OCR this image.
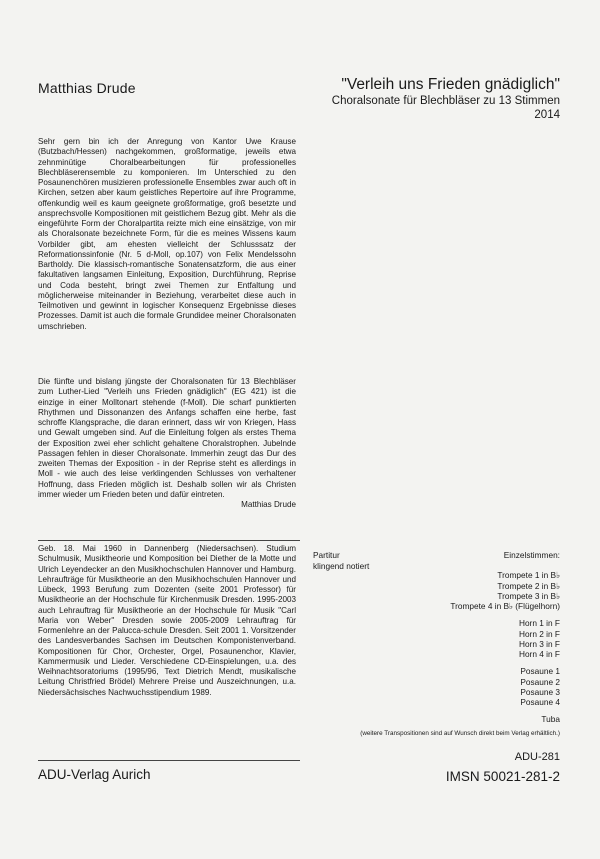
Matthias Drude	"Verleih uns Frieden gnädiglich"
Choralsonate für Blechbläser zu 13 Stimmen
2014

Sehr gern bin ich der Anregung von Kantor Uwe Krause (Butzbach/Hessen) nachgekommen, großformatige, jeweils etwa zehnminütige Choralbearbeitungen für professionelles Blechbläserensemble zu komponieren. Im Unterschied zu den Posaunenchören musizieren professionelle Ensembles zwar auch oft in Kirchen, setzen aber kaum geistliches Repertoire auf ihre Programme, offenkundig weil es kaum geeignete großformatige, groß besetzte und ansprechsvolle Kompositionen mit geistlichem Bezug gibt. Mehr als die eingeführte Form der Choralpartita reizte mich eine einsätzige, von mir als Choralsonate bezeichnete Form, für die es meines Wissens kaum Vorbilder gibt, am ehesten vielleicht der Schlusssatz der Reformationssinfonie (Nr. 5 d-Moll, op.107) von Felix Mendelssohn Bartholdy. Die klassisch-romantische Sonatensatzform, die aus einer fakultativen langsamen Einleitung, Exposition, Durchführung, Reprise und Coda besteht, bringt zwei Themen zur Entfaltung und möglicherweise miteinander in Beziehung, verarbeitet diese auch in Teilmotiven und gewinnt in logischer Konsequenz Ergebnisse dieses Prozesses. Damit ist auch die formale Grundidee meiner Choralsonaten umschrieben.

Die fünfte und bislang jüngste der Choralsonaten für 13 Blechbläser zum Luther-Lied "Verleih uns Frieden gnädiglich" (EG 421) ist die einzige in einer Molltonart stehende (f-Moll). Die scharf punktierten Rhythmen und Dissonanzen des Anfangs schaffen eine herbe, fast schroffe Klangsprache, die daran erinnert, dass wir von Kriegen, Hass und Gewalt umgeben sind. Auf die Einleitung folgen als erstes Thema der Exposition zwei eher schlicht gehaltene Choralstrophen. Jubelnde Passagen fehlen in dieser Choralsonate. Immerhin zeugt das Dur des zweiten Themas der Exposition - in der Reprise steht es allerdings in Moll - wie auch des leise verklingenden Schlusses von verhaltener Hoffnung, dass Frieden möglich ist. Deshalb sollen wir als Christen immer wieder um Frieden beten und dafür eintreten.

Matthias Drude

Geb. 18. Mai 1960 in Dannenberg (Niedersachsen). Studium Schulmusik, Musiktheorie und Komposition bei Diether de la Motte und Ulrich Leyendecker an den Musikhochschulen Hannover und Hamburg. Lehraufträge für Musiktheorie an den Musikhochschulen Hannover und Lübeck, 1993 Berufung zum Dozenten (seite 2001 Professor) für Musiktheorie an der Hochschule für Kirchenmusik Dresden. 1995-2003 auch Lehrauftrag für Musiktheorie an der Hochschule für Musik "Carl Maria von Weber" Dresden sowie 2005-2009 Lehrauftrag für Formenlehre an der Palucca-schule Dresden. Seit 2001 1. Vorsitzender des Landesverbandes Sachsen im Deutschen Komponistenverband. Kompositionen für Chor, Orchester, Orgel, Posaunenchor, Klavier, Kammermusik und Lieder. Verschiedene CD-Einspielungen, u.a. des Weihnachtsoratoriums (1995/96, Text Dietrich Mendt, musikalische Leitung Christfried Brödel) Mehrere Preise und Auszeichnungen, u.a. Niedersächsisches Nachwuchsstipendium 1989.

Partitur
klingend notiert
Einzelstimmen:
Trompete 1 in B♭
Trompete 2 in B♭
Trompete 3 in B♭
Trompete 4 in B♭ (Flügelhorn)
Horn 1 in F
Horn 2 in F
Horn 3 in F
Horn 4 in F
Posaune 1
Posaune 2
Posaune 3
Posaune 4
Tuba
(weitere Transpositionen sind auf Wunsch direkt beim Verlag erhältlich.)
ADU-Verlag Aurich
ADU-281
IMSN 50021-281-2
